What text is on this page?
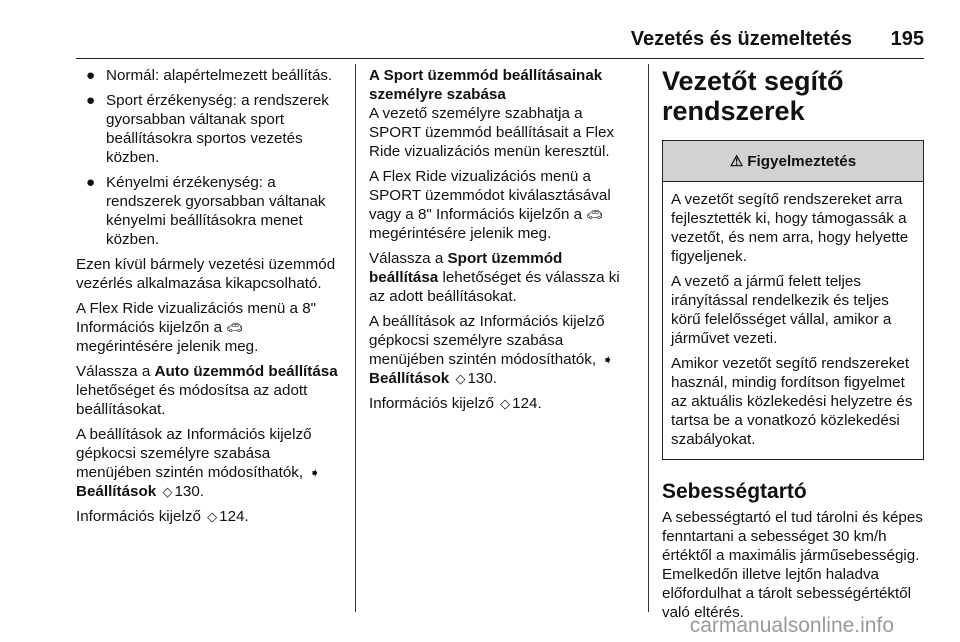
Vezetés és üzemeltetés 195
● Normál: alapértelmezett beállítás.
● Sport érzékenység: a rendszerek gyorsabban váltanak sport beállításokra sportos vezetés közben.
● Kényelmi érzékenység: a rendszerek gyorsabban váltanak kényelmi beállításokra menet közben.

Ezen kívül bármely vezetési üzemmód vezérlés alkalmazása kikapcsolható.

A Flex Ride vizualizációs menü a 8" Információs kijelzőn a 🚗︎
megérintésére jelenik meg.

Válassza a Auto üzemmód beállítása lehetőséget és módosítsa az adott beállításokat.

A beállítások az Információs kijelző gépkocsi személyre szabása menüjében szintén módosíthatók, ➧
Beállítások ◇ 130.

Információs kijelző ◇ 124.

A Sport üzemmód beállításainak személyre szabása

A vezető személyre szabhatja a SPORT üzemmód beállításait a Flex Ride vizualizációs menün keresztül.

A Flex Ride vizualizációs menü a SPORT üzemmódot kiválasztásával vagy a 8" Információs kijelzőn a 🚗︎ megérintésére jelenik meg.

Válassza a Sport üzemmód beállítása lehetőséget és válassza ki az adott beállításokat.

A beállítások az Információs kijelző gépkocsi személyre szabása menüjében szintén módosíthatók, ➧
Beállítások ◇ 130.

Információs kijelző ◇ 124.

Vezetőt segítő rendszerek

⚠ Figyelmeztetés

A vezetőt segítő rendszereket arra fejlesztették ki, hogy támogassák a vezetőt, és nem arra, hogy helyette figyeljenek.

A vezető a jármű felett teljes irányítással rendelkezik és teljes körű felelősséget vállal, amikor a járművet vezeti.

Amikor vezetőt segítő rendszereket használ, mindig fordítson figyelmet az aktuális közlekedési helyzetre és tartsa be a vonatkozó közlekedési szabályokat.

Sebességtartó

A sebességtartó el tud tárolni és képes fenntartani a sebességet 30 km/h értéktől a maximális járműsebességig. Emelkedőn illetve lejtőn haladva előfordulhat a tárolt sebességértéktől való eltérés.

carmanualsonline.info
